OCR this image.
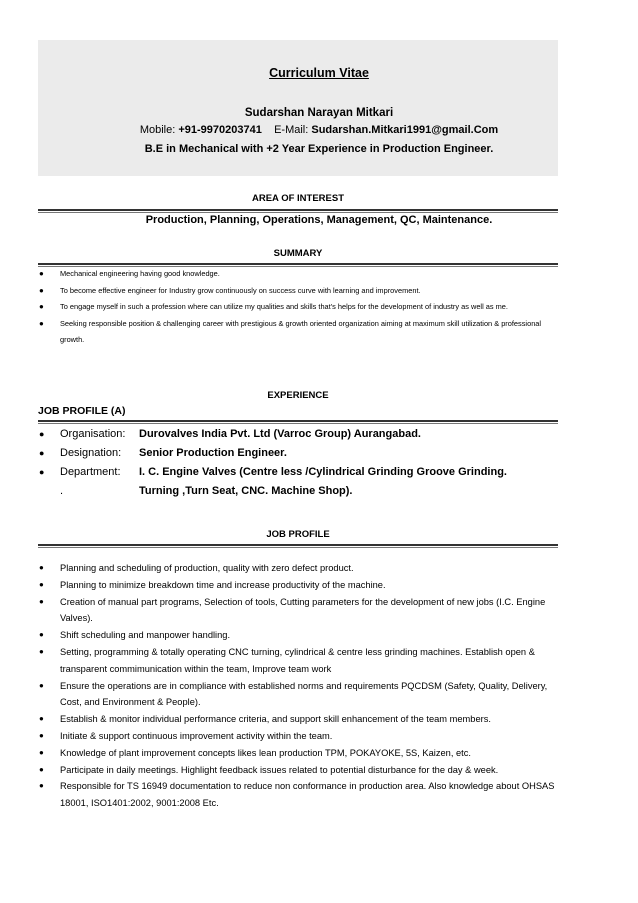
Curriculum Vitae
Sudarshan Narayan Mitkari
Mobile: +91-9970203741 E-Mail: Sudarshan.Mitkari1991@gmail.Com
B.E in Mechanical with +2 Year Experience in Production Engineer.
AREA OF INTEREST
Production, Planning, Operations, Management, QC, Maintenance.
SUMMARY
● Mechanical engineering having good knowledge.
● To become effective engineer for Industry grow continuously on success curve with learning and improvement.
● To engage myself in such a profession where can utilize my qualities and skills that's helps for the development of industry as well as me.
● Seeking responsible position & challenging career with prestigious & growth oriented organization aiming at maximum skill utilization & professional growth.
EXPERIENCE
JOB PROFILE (A)
● Organisation: Durovalves India Pvt. Ltd (Varroc Group) Aurangabad.
● Designation: Senior Production Engineer.
● Department: I. C. Engine Valves (Centre less /Cylindrical Grinding Groove Grinding.
.	Turning ,Turn Seat, CNC. Machine Shop).
JOB PROFILE
● Planning and scheduling of production, quality with zero defect product.
● Planning to minimize breakdown time and increase productivity of the machine.
● Creation of manual part programs, Selection of tools, Cutting parameters for the development of new jobs (I.C. Engine Valves).
● Shift scheduling and manpower handling.
● Setting, programming & totally operating CNC turning, cylindrical & centre less grinding machines. Establish open & transparent commimunication within the team, Improve team work
● Ensure the operations are in compliance with established norms and requirements PQCDSM (Safety, Quality, Delivery, Cost, and Environment & People).
● Establish & monitor individual performance criteria, and support skill enhancement of the team members.
● Initiate & support continuous improvement activity within the team.
● Knowledge of plant improvement concepts likes lean production TPM, POKAYOKE, 5S, Kaizen, etc.
● Participate in daily meetings. Highlight feedback issues related to potential disturbance for the day & week.
● Responsible for TS 16949 documentation to reduce non conformance in production area. Also knowledge about OHSAS 18001, ISO1401:2002, 9001:2008 Etc.
